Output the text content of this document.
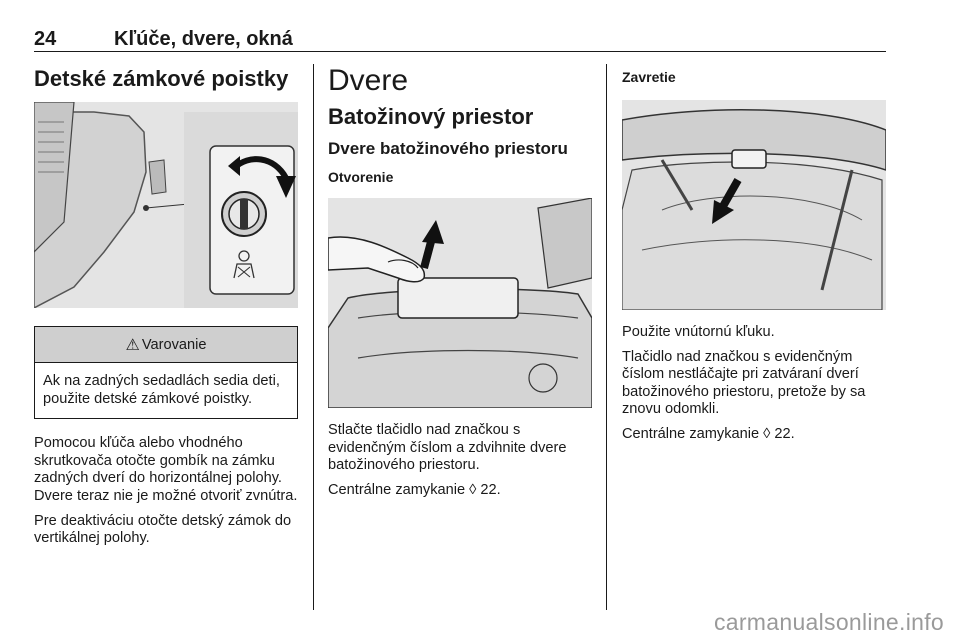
24	Kľúče, dvere, okná
Detské zámkové poistky
⚠ Varovanie
Ak na zadných sedadlách sedia deti, použite detské zámkové poistky.
Pomocou kľúča alebo vhodného skrutkovača otočte gombík na zámku zadných dverí do horizontálnej polohy. Dvere teraz nie je možné otvoriť zvnútra.
Pre deaktiváciu otočte detský zámok do vertikálnej polohy.
Dvere
Batožinový priestor
Dvere batožinového priestoru
Otvorenie
Stlačte tlačidlo nad značkou s evidenčným číslom a zdvihnite dvere batožinového priestoru.
Centrálne zamykanie ◊ 22.
Zavretie
Použite vnútornú kľuku.
Tlačidlo nad značkou s evidenčným číslom nestláčajte pri zatváraní dverí batožinového priestoru, pretože by sa znovu odomkli.
Centrálne zamykanie ◊ 22.
carmanualsonline.info
